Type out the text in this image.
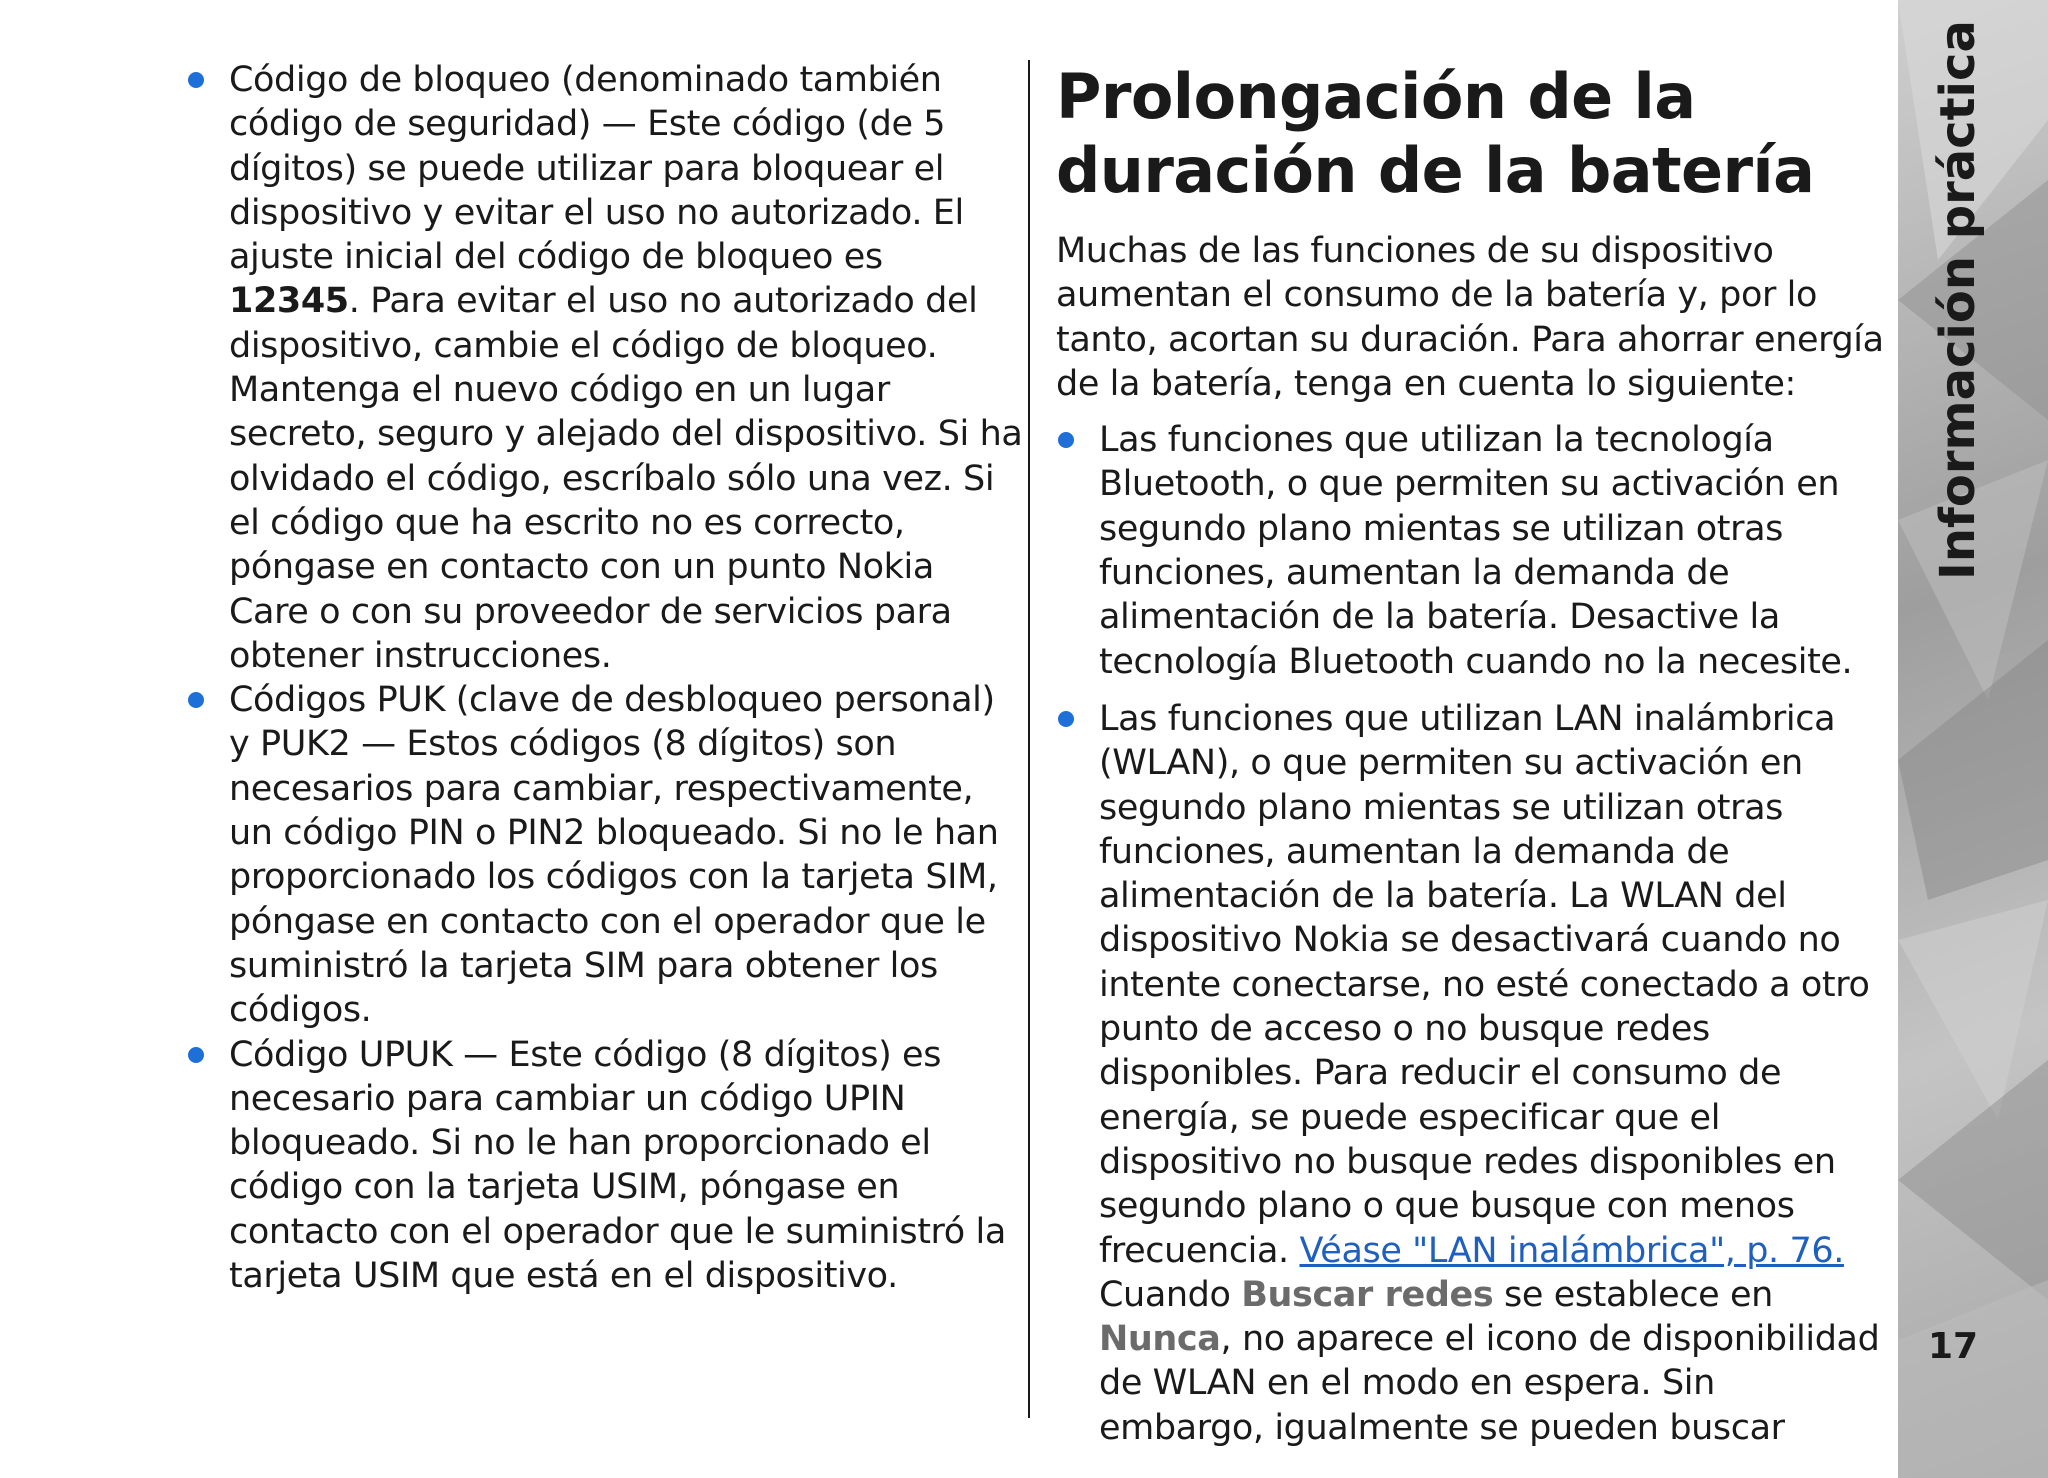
Código de bloqueo (denominado también código de seguridad) — Este código (de 5 dígitos) se puede utilizar para bloquear el dispositivo y evitar el uso no autorizado. El ajuste inicial del código de bloqueo es 12345. Para evitar el uso no autorizado del dispositivo, cambie el código de bloqueo. Mantenga el nuevo código en un lugar secreto, seguro y alejado del dispositivo. Si ha olvidado el código, escríbalo sólo una vez. Si el código que ha escrito no es correcto, póngase en contacto con un punto Nokia Care o con su proveedor de servicios para obtener instrucciones.
Códigos PUK (clave de desbloqueo personal) y PUK2 — Estos códigos (8 dígitos) son necesarios para cambiar, respectivamente, un código PIN o PIN2 bloqueado. Si no le han proporcionado los códigos con la tarjeta SIM, póngase en contacto con el operador que le suministró la tarjeta SIM para obtener los códigos.
Código UPUK — Este código (8 dígitos) es necesario para cambiar un código UPIN bloqueado. Si no le han proporcionado el código con la tarjeta USIM, póngase en contacto con el operador que le suministró la tarjeta USIM que está en el dispositivo.
Prolongación de la duración de la batería

Muchas de las funciones de su dispositivo aumentan el consumo de la batería y, por lo tanto, acortan su duración. Para ahorrar energía de la batería, tenga en cuenta lo siguiente:

Las funciones que utilizan la tecnología Bluetooth, o que permiten su activación en segundo plano mientas se utilizan otras funciones, aumentan la demanda de alimentación de la batería. Desactive la tecnología Bluetooth cuando no la necesite.
Las funciones que utilizan LAN inalámbrica (WLAN), o que permiten su activación en segundo plano mientas se utilizan otras funciones, aumentan la demanda de alimentación de la batería. La WLAN del dispositivo Nokia se desactivará cuando no intente conectarse, no esté conectado a otro punto de acceso o no busque redes disponibles. Para reducir el consumo de energía, se puede especificar que el dispositivo no busque redes disponibles en segundo plano o que busque con menos frecuencia. Véase "LAN inalámbrica", p. 76. Cuando Buscar redes se establece en Nunca, no aparece el icono de disponibilidad de WLAN en el modo en espera. Sin embargo, igualmente se pueden buscar
Información práctica
17
